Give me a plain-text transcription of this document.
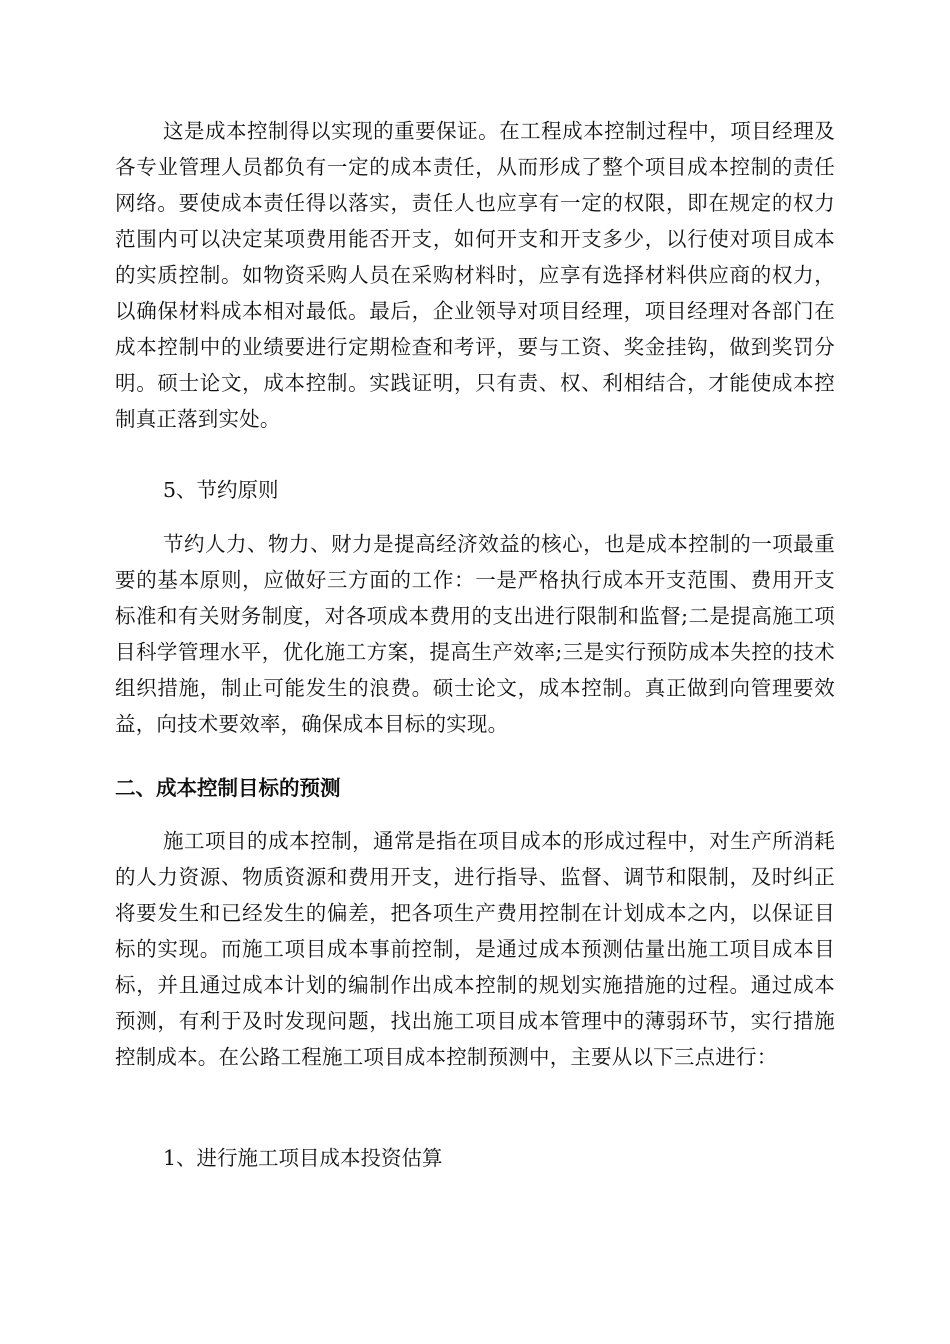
这是成本控制得以实现的重要保证。在工程成本控制过程中，项目经理及各专业管理人员都负有一定的成本责任，从而形成了整个项目成本控制的责任网络。要使成本责任得以落实，责任人也应享有一定的权限，即在规定的权力范围内可以决定某项费用能否开支，如何开支和开支多少，以行使对项目成本的实质控制。如物资采购人员在采购材料时，应享有选择材料供应商的权力，以确保材料成本相对最低。最后，企业领导对项目经理，项目经理对各部门在成本控制中的业绩要进行定期检查和考评，要与工资、奖金挂钩，做到奖罚分明。硕士论文，成本控制。实践证明，只有责、权、利相结合，才能使成本控制真正落到实处。

5、节约原则

节约人力、物力、财力是提高经济效益的核心，也是成本控制的一项最重要的基本原则，应做好三方面的工作：一是严格执行成本开支范围、费用开支标准和有关财务制度，对各项成本费用的支出进行限制和监督;二是提高施工项目科学管理水平，优化施工方案，提高生产效率;三是实行预防成本失控的技术组织措施，制止可能发生的浪费。硕士论文，成本控制。真正做到向管理要效益，向技术要效率，确保成本目标的实现。

二、成本控制目标的预测

施工项目的成本控制，通常是指在项目成本的形成过程中，对生产所消耗的人力资源、物质资源和费用开支，进行指导、监督、调节和限制，及时纠正将要发生和已经发生的偏差，把各项生产费用控制在计划成本之内，以保证目标的实现。而施工项目成本事前控制，是通过成本预测估量出施工项目成本目标，并且通过成本计划的编制作出成本控制的规划实施措施的过程。通过成本预测，有利于及时发现问题，找出施工项目成本管理中的薄弱环节，实行措施控制成本。在公路工程施工项目成本控制预测中，主要从以下三点进行：

1、进行施工项目成本投资估算
